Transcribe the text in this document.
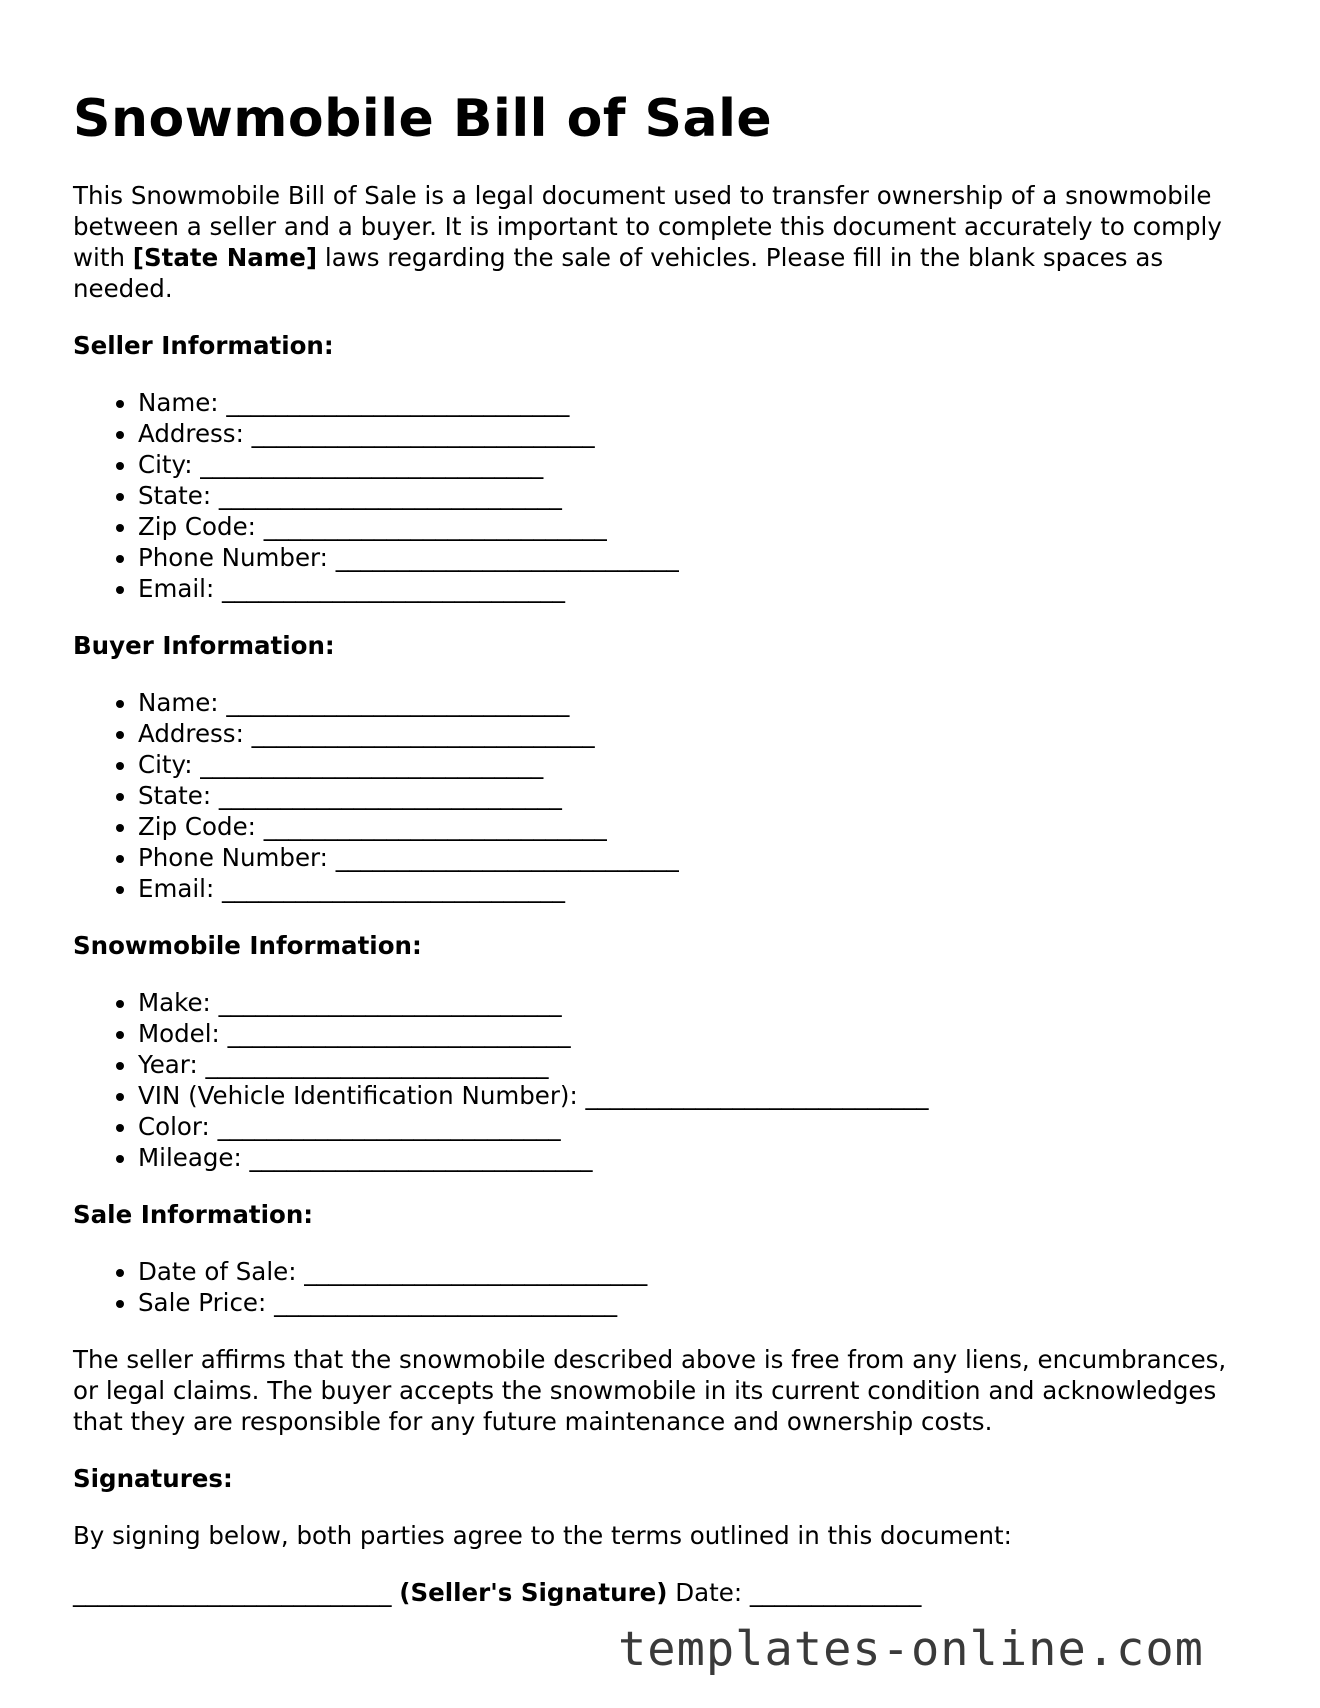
Snowmobile Bill of Sale

This Snowmobile Bill of Sale is a legal document used to transfer ownership of a snowmobile between a seller and a buyer. It is important to complete this document accurately to comply with [State Name] laws regarding the sale of vehicles. Please fill in the blank spaces as needed.

Seller Information:
• Name: ____________________________
• Address: ____________________________
• City: ____________________________
• State: ____________________________
• Zip Code: ____________________________
• Phone Number: ____________________________
• Email: ____________________________
Buyer Information:
• Name: ____________________________
• Address: ____________________________
• City: ____________________________
• State: ____________________________
• Zip Code: ____________________________
• Phone Number: ____________________________
• Email: ____________________________
Snowmobile Information:
• Make: ____________________________
• Model: ____________________________
• Year: ____________________________
• VIN (Vehicle Identification Number): ____________________________
• Color: ____________________________
• Mileage: ____________________________
Sale Information:
• Date of Sale: ____________________________
• Sale Price: ____________________________

The seller affirms that the snowmobile described above is free from any liens, encumbrances, or legal claims. The buyer accepts the snowmobile in its current condition and acknowledges that they are responsible for any future maintenance and ownership costs.

Signatures:

By signing below, both parties agree to the terms outlined in this document:

__________________________ (Seller's Signature) Date: ______________

templates-online.com
